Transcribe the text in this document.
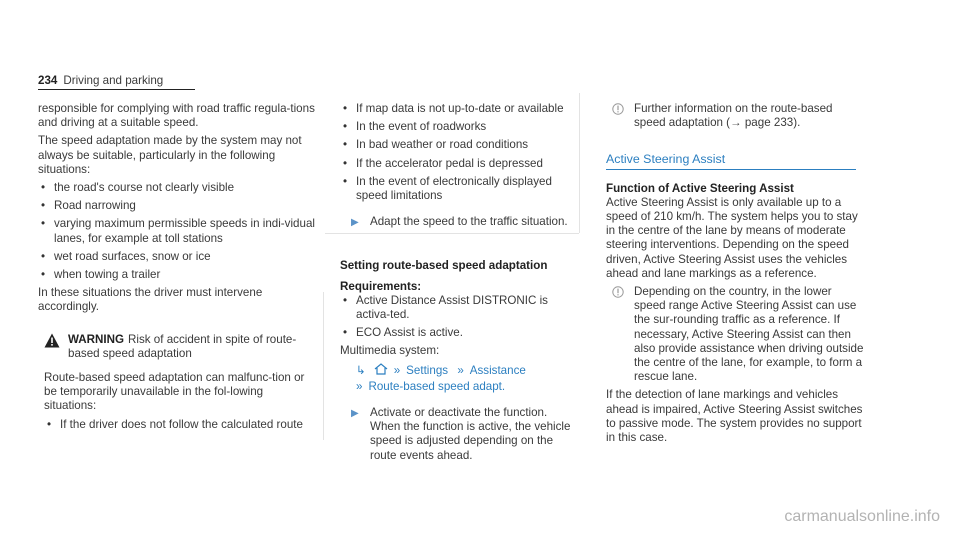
234 Driving and parking

responsible for complying with road traffic regula-tions and driving at a suitable speed.

The speed adaptation made by the system may not always be suitable, particularly in the following situations:

• the road's course not clearly visible
• Road narrowing
• varying maximum permissible speeds in indi-vidual lanes, for example at toll stations
• wet road surfaces, snow or ice
• when towing a trailer

In these situations the driver must intervene accordingly.

WARNING Risk of accident in spite of route-based speed adaptation

Route-based speed adaptation can malfunc-tion or be temporarily unavailable in the fol-lowing situations:

• If the driver does not follow the calculated route
• If map data is not up-to-date or available
• In the event of roadworks
• In bad weather or road conditions
• If the accelerator pedal is depressed
• In the event of electronically displayed speed limitations
▶ Adapt the speed to the traffic situation.
Setting route-based speed adaptation
Requirements:
• Active Distance Assist DISTRONIC is activa-ted.
• ECO Assist is active.

Multimedia system:

↳ » Settings » Assistance
» Route-based speed adapt.
▶ Activate or deactivate the function.
When the function is active, the vehicle speed is adjusted depending on the route events ahead.
Further information on the route-based speed adaptation (→ page 233).
Active Steering Assist
Function of Active Steering Assist

Active Steering Assist is only available up to a speed of 210 km/h. The system helps you to stay in the centre of the lane by means of moderate steering interventions. Depending on the speed driven, Active Steering Assist uses the vehicles ahead and lane markings as a reference.

Depending on the country, in the lower speed range Active Steering Assist can use the sur-rounding traffic as a reference. If necessary, Active Steering Assist can then also provide assistance when driving outside the centre of the lane, for example, to form a rescue lane.

If the detection of lane markings and vehicles ahead is impaired, Active Steering Assist switches to passive mode. The system provides no support in this case.

carmanualsonline.info
